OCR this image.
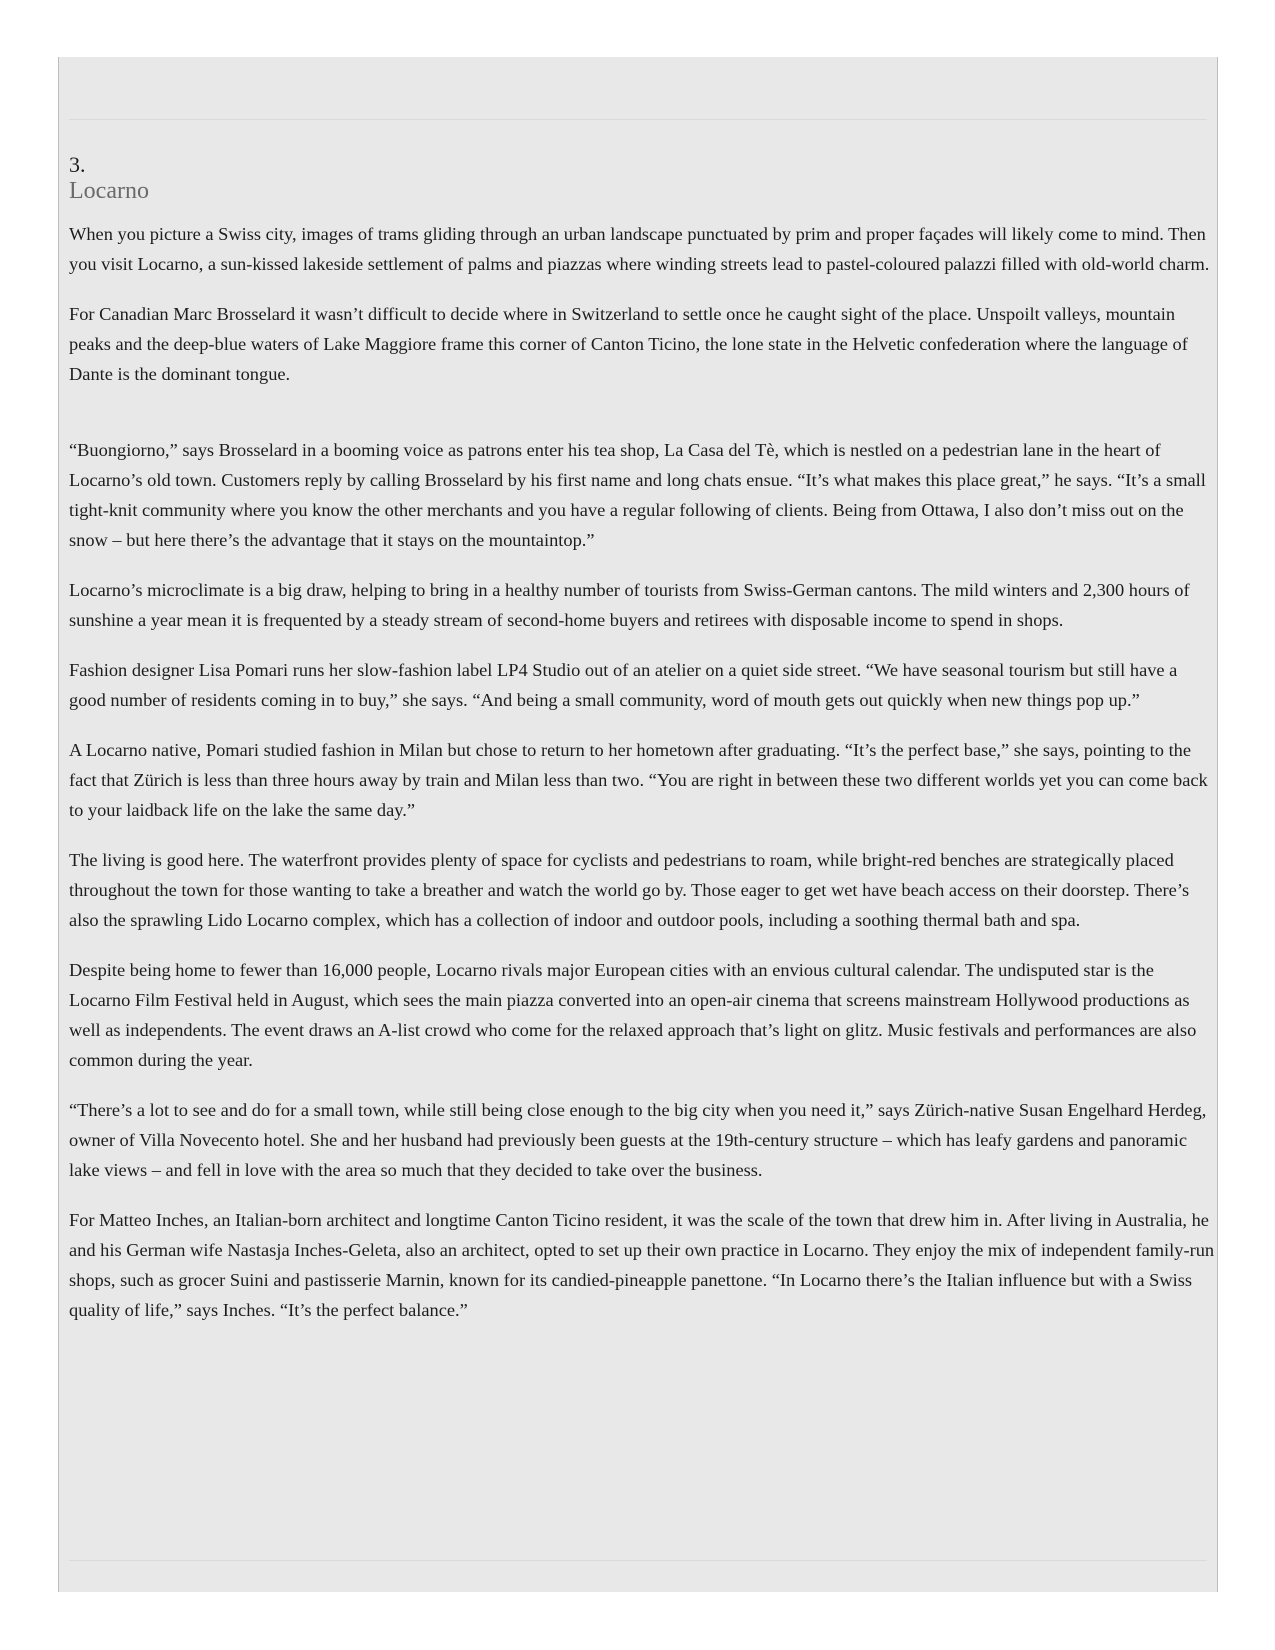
3.

Locarno

When you picture a Swiss city, images of trams gliding through an urban landscape punctuated by prim and proper façades will likely come to mind. Then you visit Locarno, a sun-kissed lakeside settlement of palms and piazzas where winding streets lead to pastel-coloured palazzi filled with old-world charm.

For Canadian Marc Brosselard it wasn’t difficult to decide where in Switzerland to settle once he caught sight of the place. Unspoilt valleys, mountain peaks and the deep-blue waters of Lake Maggiore frame this corner of Canton Ticino, the lone state in the Helvetic confederation where the language of Dante is the dominant tongue.

“Buongiorno,” says Brosselard in a booming voice as patrons enter his tea shop, La Casa del Tè, which is nestled on a pedestrian lane in the heart of Locarno’s old town. Customers reply by calling Brosselard by his first name and long chats ensue. “It’s what makes this place great,” he says. “It’s a small tight-knit community where you know the other merchants and you have a regular following of clients. Being from Ottawa, I also don’t miss out on the snow – but here there’s the advantage that it stays on the mountaintop.”

Locarno’s microclimate is a big draw, helping to bring in a healthy number of tourists from Swiss-German cantons. The mild winters and 2,300 hours of sunshine a year mean it is frequented by a steady stream of second-home buyers and retirees with disposable income to spend in shops.

Fashion designer Lisa Pomari runs her slow-fashion label LP4 Studio out of an atelier on a quiet side street. “We have seasonal tourism but still have a good number of residents coming in to buy,” she says. “And being a small community, word of mouth gets out quickly when new things pop up.”

A Locarno native, Pomari studied fashion in Milan but chose to return to her hometown after graduating. “It’s the perfect base,” she says, pointing to the fact that Zürich is less than three hours away by train and Milan less than two. “You are right in between these two different worlds yet you can come back to your laidback life on the lake the same day.”

The living is good here. The waterfront provides plenty of space for cyclists and pedestrians to roam, while bright-red benches are strategically placed throughout the town for those wanting to take a breather and watch the world go by. Those eager to get wet have beach access on their doorstep. There’s also the sprawling Lido Locarno complex, which has a collection of indoor and outdoor pools, including a soothing thermal bath and spa.

Despite being home to fewer than 16,000 people, Locarno rivals major European cities with an envious cultural calendar. The undisputed star is the Locarno Film Festival held in August, which sees the main piazza converted into an open-air cinema that screens mainstream Hollywood productions as well as independents. The event draws an A-list crowd who come for the relaxed approach that’s light on glitz. Music festivals and performances are also common during the year.

“There’s a lot to see and do for a small town, while still being close enough to the big city when you need it,” says Zürich-native Susan Engelhard Herdeg, owner of Villa Novecento hotel. She and her husband had previously been guests at the 19th-century structure – which has leafy gardens and panoramic lake views – and fell in love with the area so much that they decided to take over the business.

For Matteo Inches, an Italian-born architect and longtime Canton Ticino resident, it was the scale of the town that drew him in. After living in Australia, he and his German wife Nastasja Inches-Geleta, also an architect, opted to set up their own practice in Locarno. They enjoy the mix of independent family-run shops, such as grocer Suini and pastisserie Marnin, known for its candied-pineapple panettone. “In Locarno there’s the Italian influence but with a Swiss quality of life,” says Inches. “It’s the perfect balance.”
